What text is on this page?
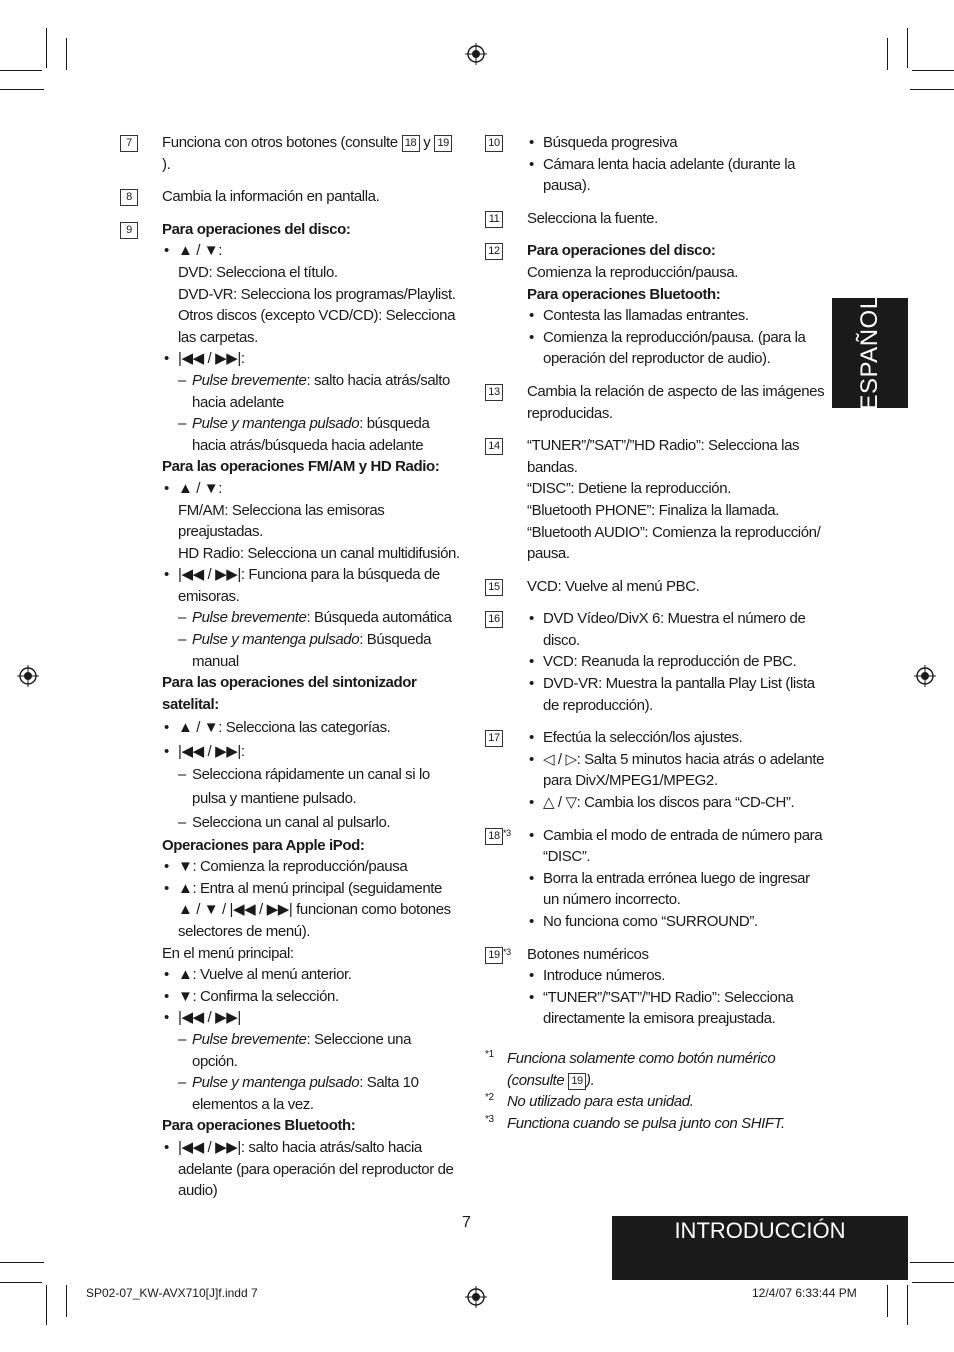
7	Funciona con otros botones (consulte 18 y 19).
8	Cambia la información en pantalla.
9	Para operaciones del disco:
• ▲ / ▼:
DVD: Selecciona el título.
DVD-VR: Selecciona los programas/Playlist.
Otros discos (excepto VCD/CD): Selecciona las carpetas.
• |◀◀ / ▶▶|:
– Pulse brevemente: salto hacia atrás/salto hacia adelante
– Pulse y mantenga pulsado: búsqueda hacia atrás/búsqueda hacia adelante
Para las operaciones FM/AM y HD Radio:
• ▲ / ▼:
FM/AM: Selecciona las emisoras preajustadas.
HD Radio: Selecciona un canal multidifusión.
• |◀◀ / ▶▶|: Funciona para la búsqueda de emisoras.
– Pulse brevemente: Búsqueda automática
– Pulse y mantenga pulsado: Búsqueda manual
Para las operaciones del sintonizador satelital:
• ▲ / ▼: Selecciona las categorías.
• |◀◀ / ▶▶|:
– Selecciona rápidamente un canal si lo pulsa y mantiene pulsado.
– Selecciona un canal al pulsarlo.
Operaciones para Apple iPod:
• ▼: Comienza la reproducción/pausa
• ▲: Entra al menú principal (seguidamente ▲ / ▼ / |◀◀ / ▶▶| funcionan como botones selectores de menú).
En el menú principal:
• ▲: Vuelve al menú anterior.
• ▼: Confirma la selección.
• |◀◀ / ▶▶|
– Pulse brevemente: Seleccione una opción.
– Pulse y mantenga pulsado: Salta 10 elementos a la vez.
Para operaciones Bluetooth:
• |◀◀ / ▶▶|: salto hacia atrás/salto hacia adelante (para operación del reproductor de audio)
10	• Búsqueda progresiva
• Cámara lenta hacia adelante (durante la pausa).
11 Selecciona la fuente.
12 Para operaciones del disco:
Comienza la reproducción/pausa.
Para operaciones Bluetooth:
• Contesta las llamadas entrantes.
• Comienza la reproducción/pausa. (para la operación del reproductor de audio).
13 Cambia la relación de aspecto de las imágenes reproducidas.
14 “TUNER”/”SAT”/”HD Radio”: Selecciona las bandas.
“DISC”: Detiene la reproducción.
“Bluetooth PHONE”: Finaliza la llamada.
“Bluetooth AUDIO”: Comienza la reproducción/ pausa.
15 VCD: Vuelve al menú PBC.
16	• DVD Vídeo/DivX 6: Muestra el número de disco.
• VCD: Reanuda la reproducción de PBC.
• DVD-VR: Muestra la pantalla Play List (lista de reproducción).
17	• Efectúa la selección/los ajustes.
• ◁ / ▷: Salta 5 minutos hacia atrás o adelante para DivX/MPEG1/MPEG2.
• △ / ▽: Cambia los discos para “CD-CH”.
18 *3	• Cambia el modo de entrada de número para “DISC”.
• Borra la entrada errónea luego de ingresar un número incorrecto.
• No funciona como “SURROUND”.
19 *3 Botones numéricos
• Introduce números.
• “TUNER”/”SAT”/”HD Radio”: Selecciona directamente la emisora preajustada.
*1 Funciona solamente como botón numérico (consulte 19 ).
*2 No utilizado para esta unidad.
*3 Functiona cuando se pulsa junto con SHIFT.
ESPAÑOL
INTRODUCCIÓN
7
SP02-07_KW-AVX710[J]f.indd 7	12/4/07 6:33:44 PM
